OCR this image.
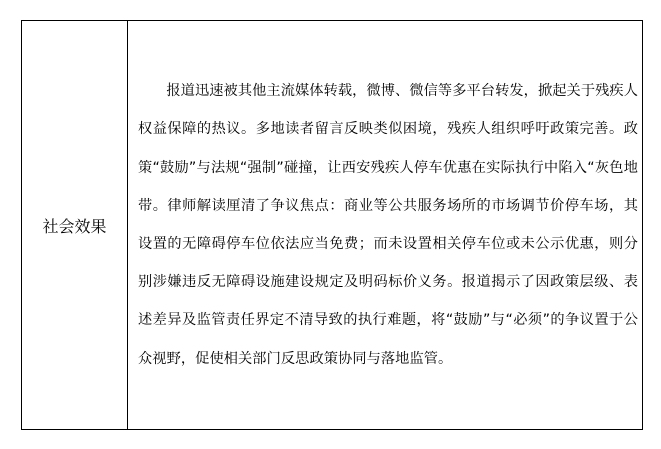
社会效果	

报道迅速被其他主流媒体转载，微博、微信等多平台转发，掀起关于残疾人权益保障的热议。多地读者留言反映类似困境，残疾人组织呼吁政策完善。政策“鼓励”与法规“强制”碰撞，让西安残疾人停车优惠在实际执行中陷入“灰色地带。律师解读厘清了争议焦点：商业等公共服务场所的市场调节价停车场，其设置的无障碍停车位依法应当免费；而未设置相关停车位或未公示优惠，则分别涉嫌违反无障碍设施建设规定及明码标价义务。报道揭示了因政策层级、表述差异及监管责任界定不清导致的执行难题，将“鼓励”与“必须”的争议置于公众视野，促使相关部门反思政策协同与落地监管。
